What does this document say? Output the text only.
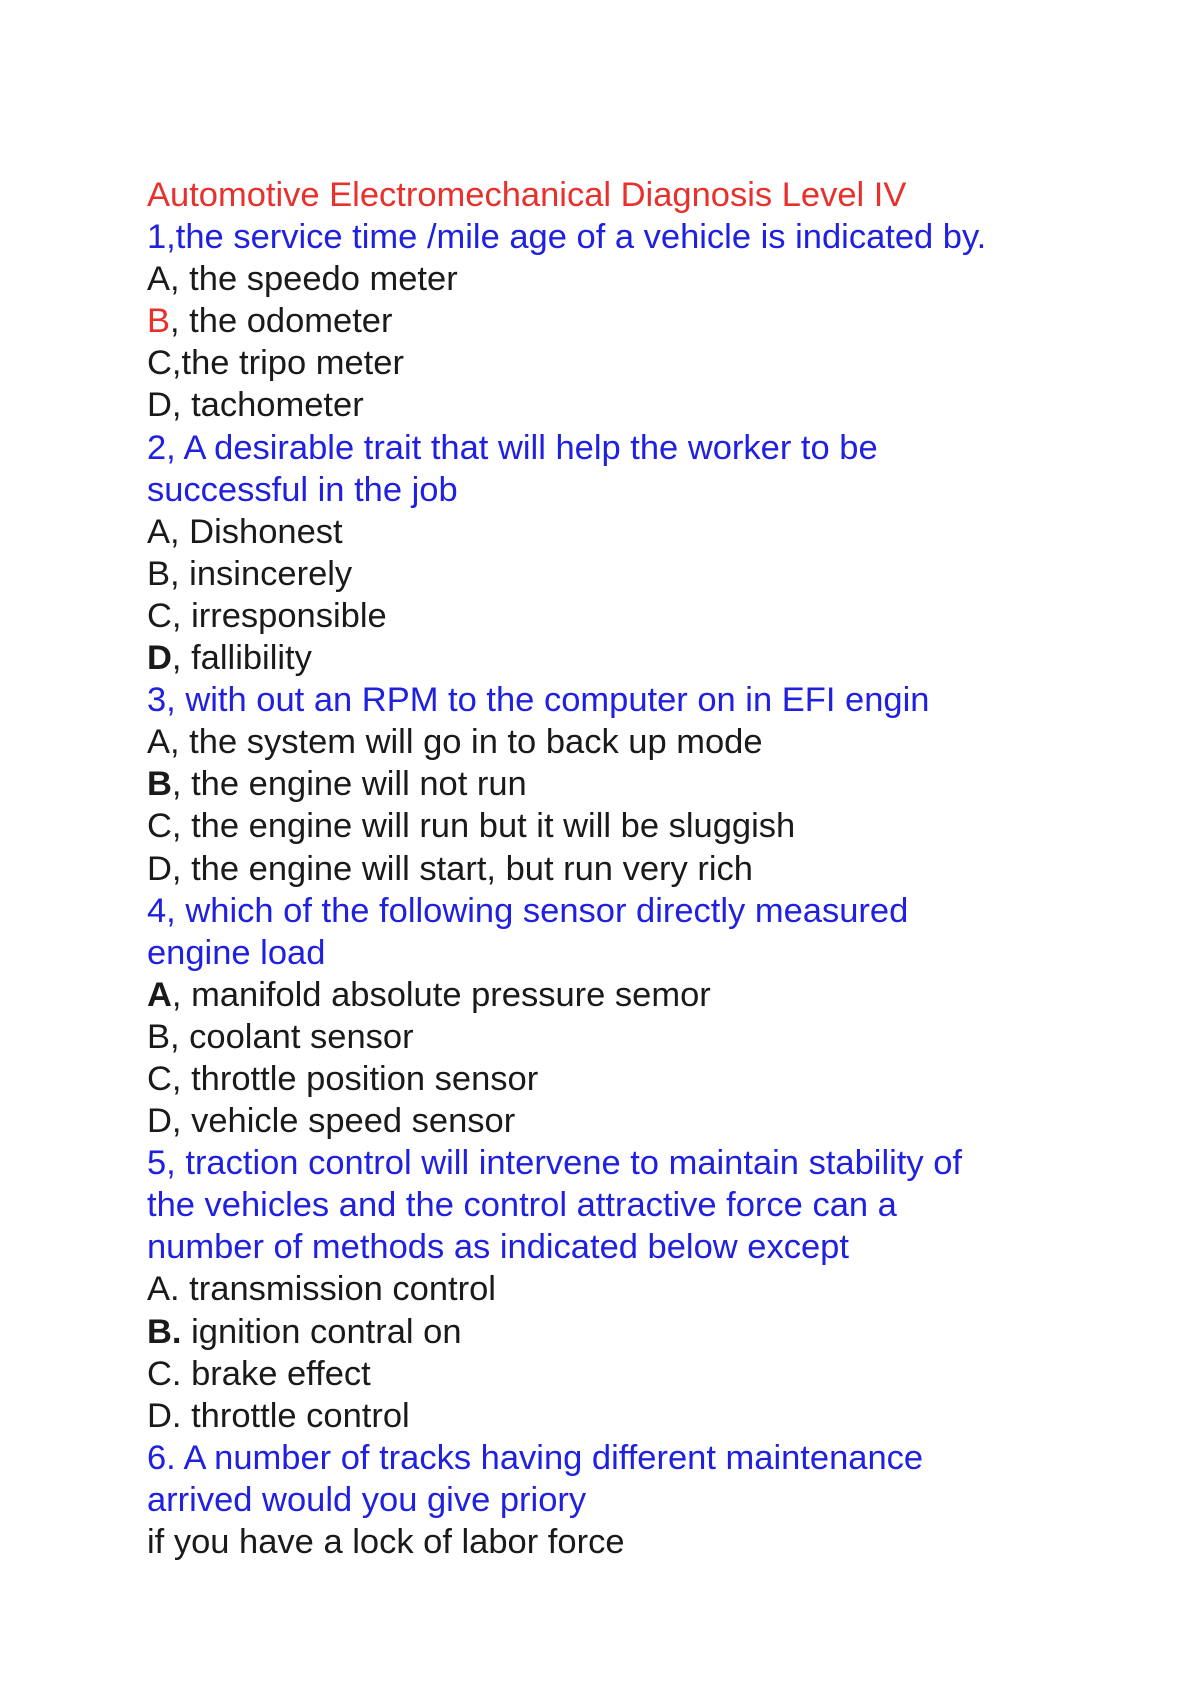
Automotive Electromechanical Diagnosis Level IV
1,the service time /mile age of a vehicle is indicated by.
A, the speedo meter
B, the odometer
C,the tripo meter
D, tachometer
2, A desirable trait that will help the worker to be
successful in the job
A, Dishonest
B, insincerely
C, irresponsible
D, fallibility
3, with out an RPM to the computer on in EFI engin
A, the system will go in to back up mode
B, the engine will not run
C, the engine will run but it will be sluggish
D, the engine will start, but run very rich
4, which of the following sensor directly measured
engine load
A, manifold absolute pressure semor
B, coolant sensor
C, throttle position sensor
D, vehicle speed sensor
5, traction control will intervene to maintain stability of
the vehicles and the control attractive force can a
number of methods as indicated below except
A. transmission control
B. ignition contral on
C. brake effect
D. throttle control
6. A number of tracks having different maintenance
arrived would you give priory
if you have a lock of labor force
